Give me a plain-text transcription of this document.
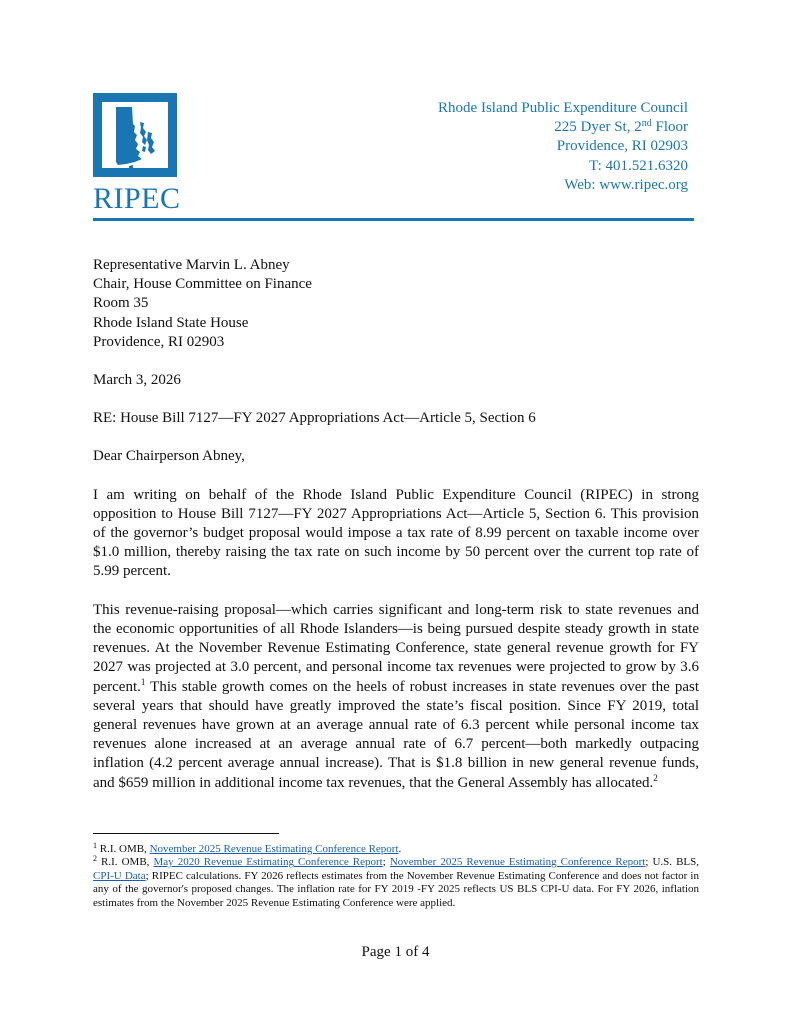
RIPEC
Rhode Island Public Expenditure Council
225 Dyer St, 2nd Floor
Providence, RI 02903
T: 401.521.6320
Web: www.ripec.org
Representative Marvin L. Abney
Chair, House Committee on Finance
Room 35
Rhode Island State House
Providence, RI 02903

March 3, 2026

RE: House Bill 7127—FY 2027 Appropriations Act—Article 5, Section 6

Dear Chairperson Abney,

I am writing on behalf of the Rhode Island Public Expenditure Council (RIPEC) in strong opposition to House Bill 7127—FY 2027 Appropriations Act—Article 5, Section 6. This provision of the governor’s budget proposal would impose a tax rate of 8.99 percent on taxable income over $1.0 million, thereby raising the tax rate on such income by 50 percent over the current top rate of 5.99 percent.

This revenue-raising proposal—which carries significant and long-term risk to state revenues and the economic opportunities of all Rhode Islanders—is being pursued despite steady growth in state revenues. At the November Revenue Estimating Conference, state general revenue growth for FY 2027 was projected at 3.0 percent, and personal income tax revenues were projected to grow by 3.6 percent.$^1$ This stable growth comes on the heels of robust increases in state revenues over the past several years that should have greatly improved the state’s fiscal position. Since FY 2019, total general revenues have grown at an average annual rate of 6.3 percent while personal income tax revenues alone increased at an average annual rate of 6.7 percent—both markedly outpacing inflation (4.2 percent average annual increase). That is $1.8 billion in new general revenue funds, and $659 million in additional income tax revenues, that the General Assembly has allocated.$^2$

$^1$ R.I. OMB, November 2025 Revenue Estimating Conference Report.

$^2$ R.I. OMB, May 2020 Revenue Estimating Conference Report; November 2025 Revenue Estimating Conference Report; U.S. BLS, CPI-U Data; RIPEC calculations. FY 2026 reflects estimates from the November Revenue Estimating Conference and does not factor in any of the governor's proposed changes. The inflation rate for FY 2019 -FY 2025 reflects US BLS CPI-U data. For FY 2026, inflation estimates from the November 2025 Revenue Estimating Conference were applied.

Page 1 of 4
